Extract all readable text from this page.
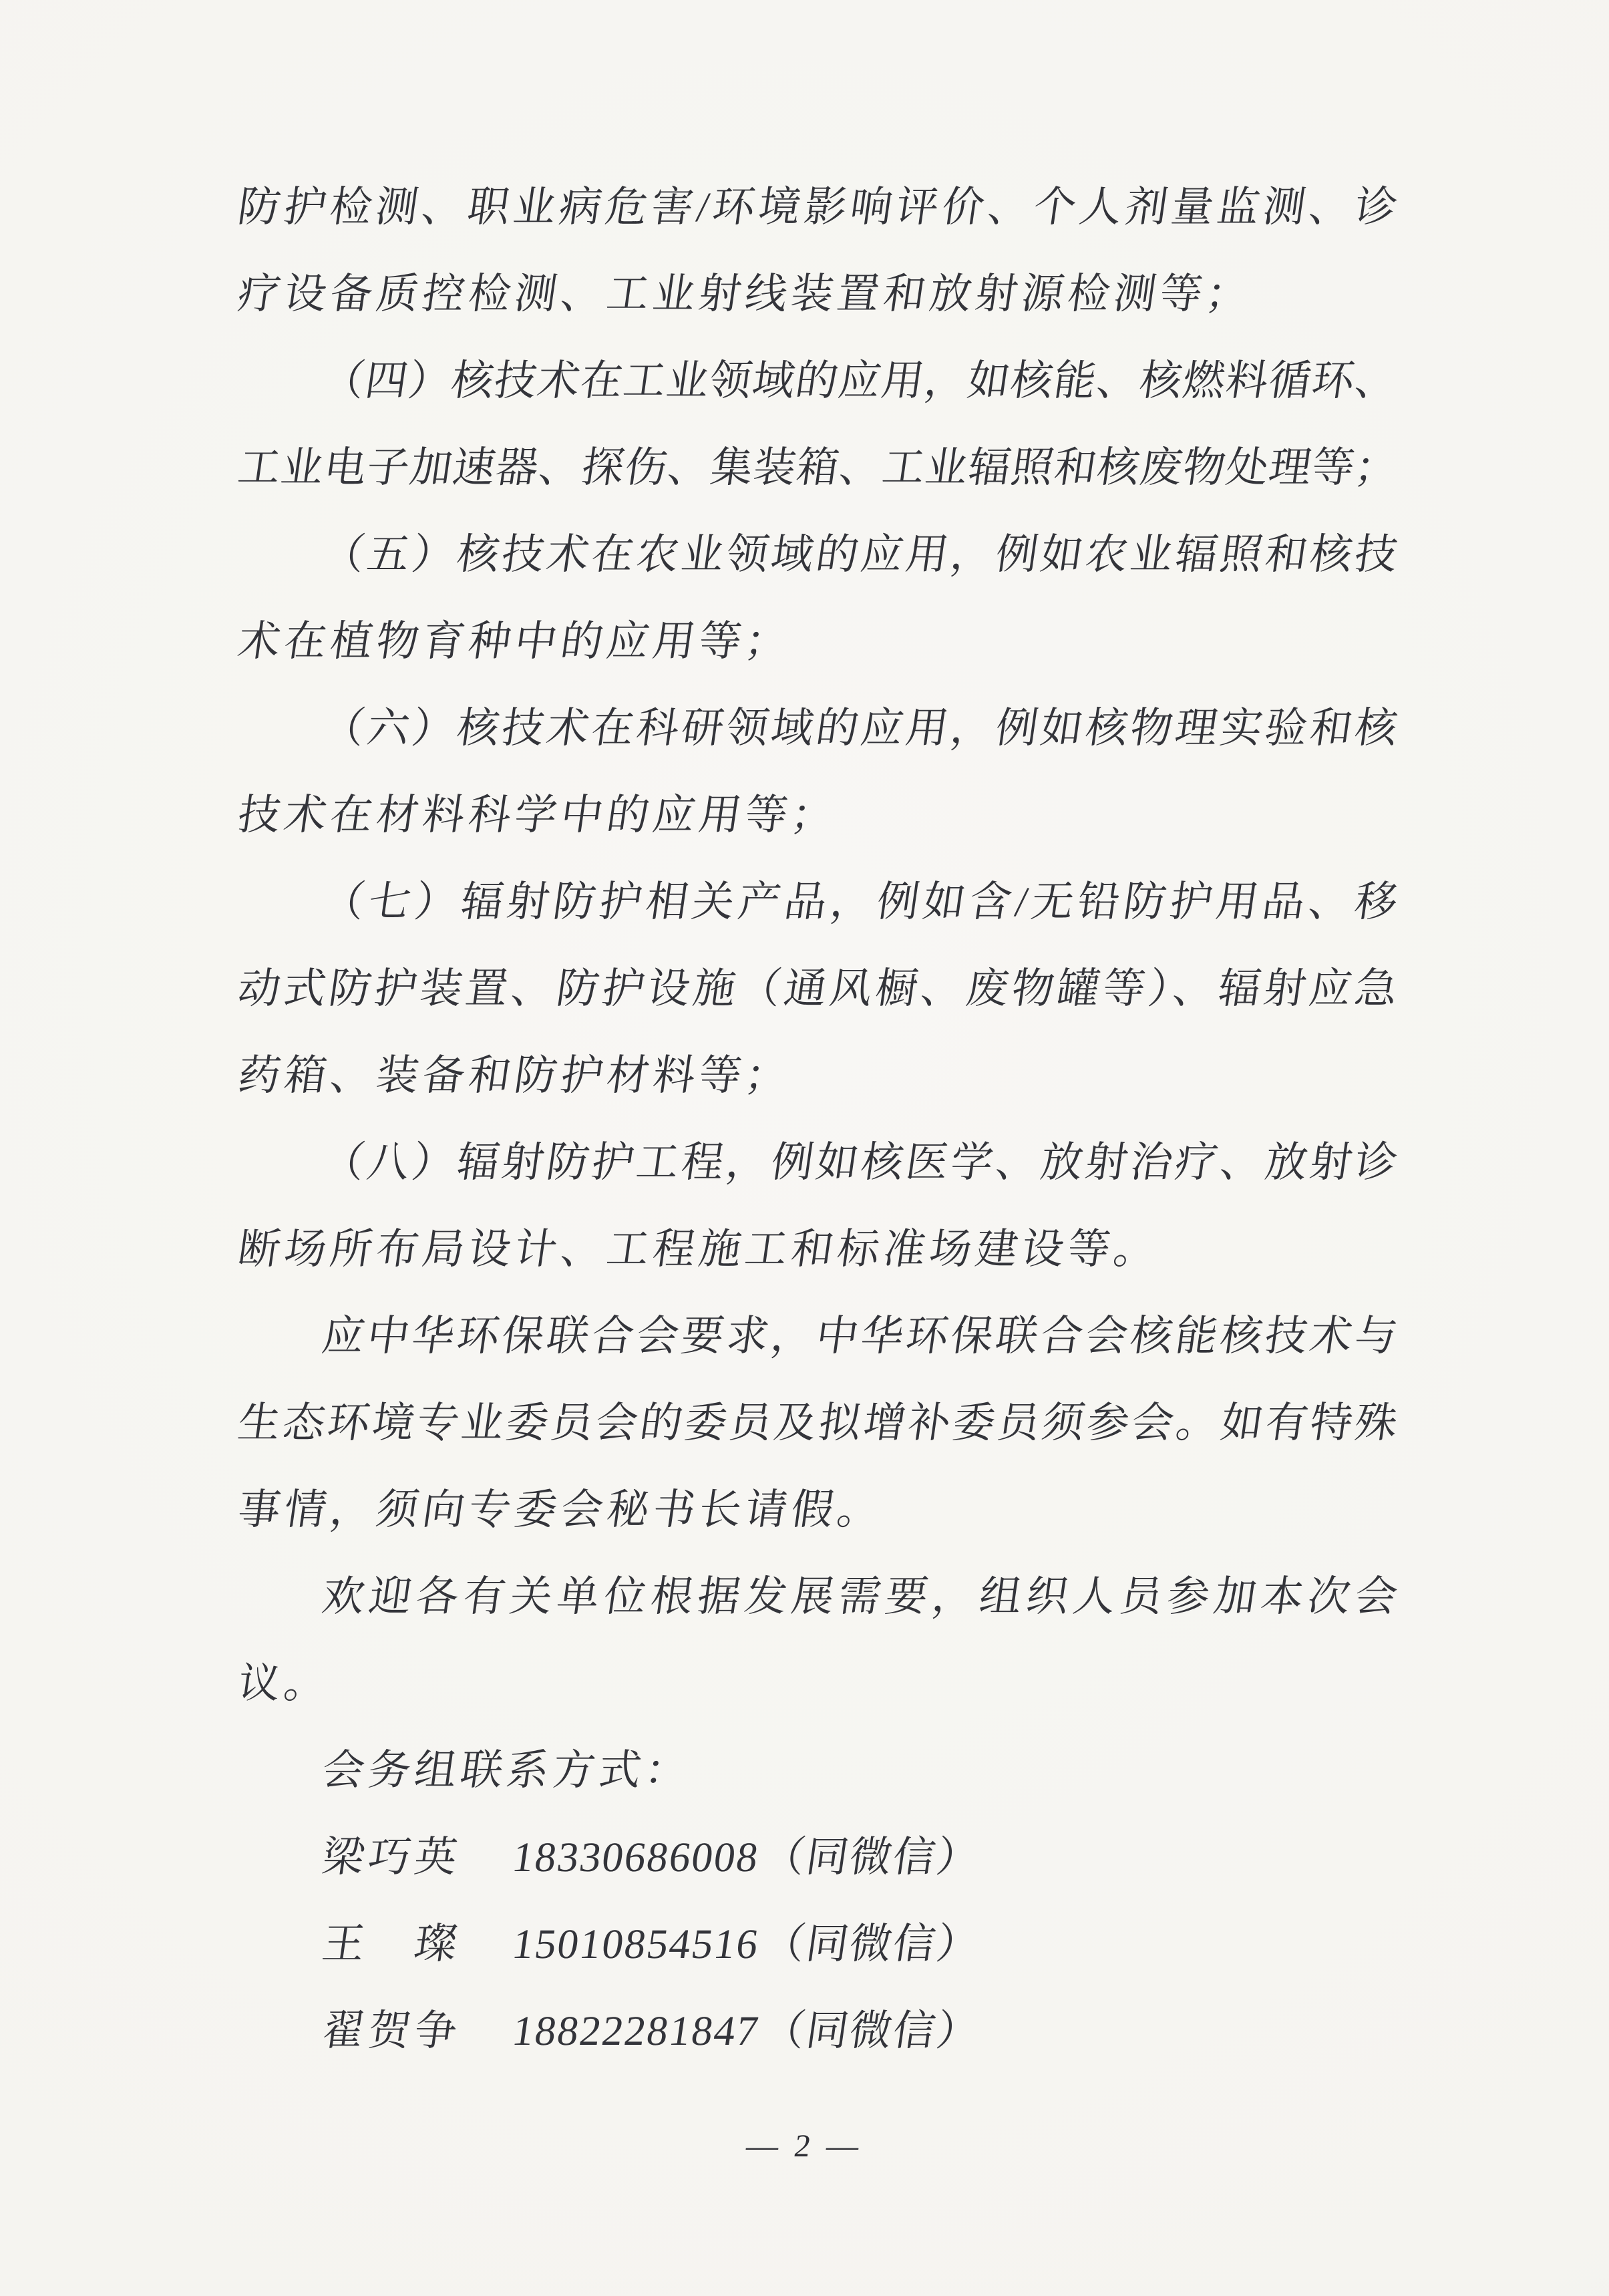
防护检测、职业病危害/环境影响评价、个人剂量监测、诊
疗设备质控检测、工业射线装置和放射源检测等；
（四）核技术在工业领域的应用，如核能、核燃料循环、
工业电子加速器、探伤、集装箱、工业辐照和核废物处理等；
（五）核技术在农业领域的应用，例如农业辐照和核技
术在植物育种中的应用等；
（六）核技术在科研领域的应用，例如核物理实验和核
技术在材料科学中的应用等；
（七）辐射防护相关产品，例如含/无铅防护用品、移
动式防护装置、防护设施（通风橱、废物罐等）、辐射应急
药箱、装备和防护材料等；
（八）辐射防护工程，例如核医学、放射治疗、放射诊
断场所布局设计、工程施工和标准场建设等。
应中华环保联合会要求，中华环保联合会核能核技术与
生态环境专业委员会的委员及拟增补委员须参会。如有特殊
事情，须向专委会秘书长请假。
欢迎各有关单位根据发展需要，组织人员参加本次会
议。
会务组联系方式：
梁巧英 18330686008（同微信）
王　璨 15010854516（同微信）
翟贺争 18822281847（同微信）
— 2 —
